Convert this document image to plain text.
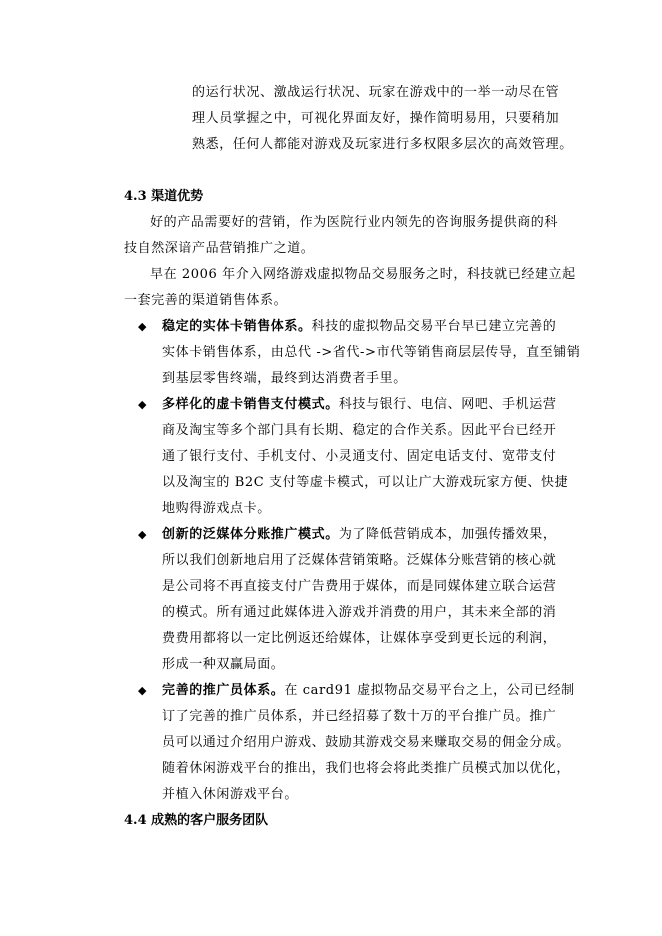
的运行状况、激战运行状况、玩家在游戏中的一举一动尽在管
理人员掌握之中，可视化界面友好，操作简明易用，只要稍加
熟悉，任何人都能对游戏及玩家进行多权限多层次的高效管理。
4.3 渠道优势
好的产品需要好的营销，作为医院行业内领先的咨询服务提供商的科
技自然深谙产品营销推广之道。
早在 2006 年介入网络游戏虚拟物品交易服务之时，科技就已经建立起
一套完善的渠道销售体系。
◆ 稳定的实体卡销售体系。科技的虚拟物品交易平台早已建立完善的
实体卡销售体系，由总代 ->省代->市代等销售商层层传导，直至铺销
到基层零售终端，最终到达消费者手里。
◆ 多样化的虚卡销售支付模式。科技与银行、电信、网吧、手机运营
商及淘宝等多个部门具有长期、稳定的合作关系。因此平台已经开
通了银行支付、手机支付、小灵通支付、固定电话支付、宽带支付
以及淘宝的 B2C 支付等虚卡模式，可以让广大游戏玩家方便、快捷
地购得游戏点卡。
◆ 创新的泛媒体分账推广模式。为了降低营销成本，加强传播效果，
所以我们创新地启用了泛媒体营销策略。泛媒体分账营销的核心就
是公司将不再直接支付广告费用于媒体，而是同媒体建立联合运营
的模式。所有通过此媒体进入游戏并消费的用户，其未来全部的消
费费用都将以一定比例返还给媒体，让媒体享受到更长远的利润，
形成一种双赢局面。
◆ 完善的推广员体系。在 card91 虚拟物品交易平台之上，公司已经制
订了完善的推广员体系，并已经招募了数十万的平台推广员。推广
员可以通过介绍用户游戏、鼓励其游戏交易来赚取交易的佣金分成。
随着休闲游戏平台的推出，我们也将会将此类推广员模式加以优化，
并植入休闲游戏平台。
4.4 成熟的客户服务团队
